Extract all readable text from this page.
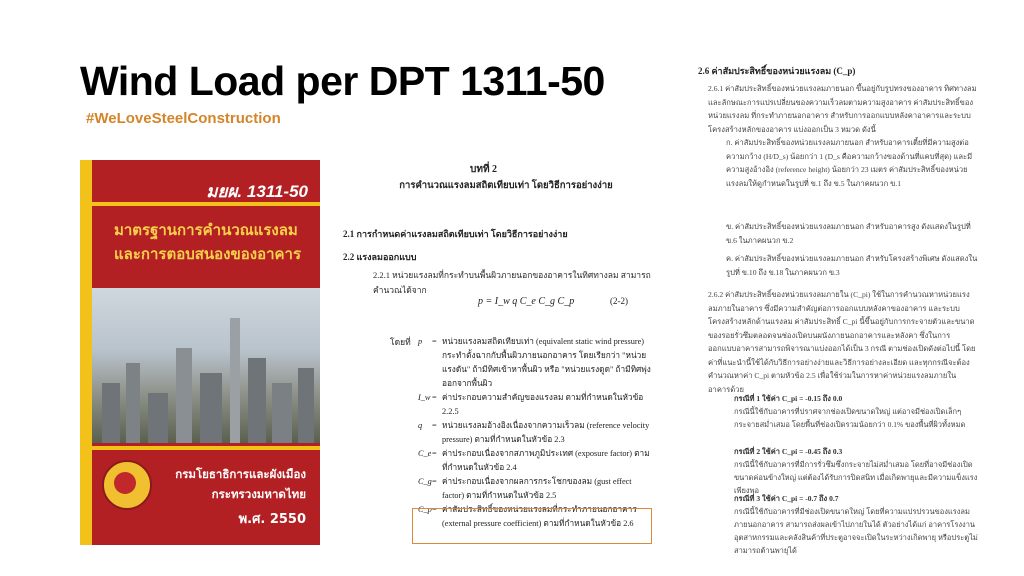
Wind Load per DPT 1311-50
#WeLoveSteelConstruction
มยผ. 1311-50
มาตรฐานการคำนวณแรงลม
และการตอบสนองของอาคาร
กรมโยธาธิการและผังเมือง
กระทรวงมหาดไทย
พ.ศ. 2550
บทที่ 2
การคำนวณแรงลมสถิตเทียบเท่า โดยวิธีการอย่างง่าย
2.1 การกำหนดค่าแรงลมสถิตเทียบเท่า โดยวิธีการอย่างง่าย
2.2 แรงลมออกแบบ
2.2.1 หน่วยแรงลมที่กระทำบนพื้นผิวภายนอกของอาคารในทิศทางลม สามารถคำนวณได้จาก
p = I_w q C_e C_g C_p	(2-2)
โดยที่ p	= หน่วยแรงลมสถิตเทียบเท่า (equivalent static wind pressure) กระทำตั้งฉากกับพื้นผิวภายนอกอาคาร โดยเรียกว่า "หน่วยแรงดัน" ถ้ามีทิศเข้าหาพื้นผิว หรือ "หน่วยแรงดูด" ถ้ามีทิศพุ่งออกจากพื้นผิว
I_w = ค่าประกอบความสำคัญของแรงลม ตามที่กำหนดในหัวข้อ 2.2.5
q	= หน่วยแรงลมอ้างอิงเนื่องจากความเร็วลม (reference velocity pressure) ตามที่กำหนดในหัวข้อ 2.3
C_e = ค่าประกอบเนื่องจากสภาพภูมิประเทศ (exposure factor) ตามที่กำหนดในหัวข้อ 2.4
C_g = ค่าประกอบเนื่องจากผลการกระโชกของลม (gust effect factor) ตามที่กำหนดในหัวข้อ 2.5
C_p = ค่าสัมประสิทธิ์ของหน่วยแรงลมที่กระทำภายนอกอาคาร (external pressure coefficient) ตามที่กำหนดในหัวข้อ 2.6
2.6 ค่าสัมประสิทธิ์ของหน่วยแรงลม (C_p)
2.6.1 ค่าสัมประสิทธิ์ของหน่วยแรงลมภายนอก ขึ้นอยู่กับรูปทรงของอาคาร ทิศทางลม และลักษณะการแปรเปลี่ยนของความเร็วลมตามความสูงอาคาร ค่าสัมประสิทธิ์ของหน่วยแรงลม ที่กระทำภายนอกอาคาร สำหรับการออกแบบหลังคาอาคารและระบบโครงสร้างหลักของอาคาร แบ่งออกเป็น 3 หมวด ดังนี้
ก. ค่าสัมประสิทธิ์ของหน่วยแรงลมภายนอก สำหรับอาคารเตี้ยที่มีความสูงต่อความกว้าง (H/D_s) น้อยกว่า 1 (D_s คือความกว้างของด้านที่แคบที่สุด) และมีความสูงอ้างอิง (reference height) น้อยกว่า 23 เมตร ค่าสัมประสิทธิ์ของหน่วยแรงลมให้ดูกำหนดในรูปที่ ข.1 ถึง ข.5 ในภาคผนวก ข.1
ข. ค่าสัมประสิทธิ์ของหน่วยแรงลมภายนอก สำหรับอาคารสูง ดังแสดงในรูปที่ ข.6 ในภาคผนวก ข.2
ค. ค่าสัมประสิทธิ์ของหน่วยแรงลมภายนอก สำหรับโครงสร้างพิเศษ ดังแสดงในรูปที่ ข.10 ถึง ข.18 ในภาคผนวก ข.3
2.6.2 ค่าสัมประสิทธิ์ของหน่วยแรงลมภายใน (C_pi) ใช้ในการคำนวณหาหน่วยแรงลมภายในอาคาร ซึ่งมีความสำคัญต่อการออกแบบหลังคาของอาคาร และระบบโครงสร้างหลักด้านแรงลม ค่าสัมประสิทธิ์ C_pi นี้ขึ้นอยู่กับการกระจายตัวและขนาดของรอยรั่วซึมตลอดจนช่องเปิดบนผนังภายนอกอาคารและหลังคา ซึ่งในการออกแบบอาคารสามารถพิจารณาแบ่งออกได้เป็น 3 กรณี ตามช่องเปิดดังต่อไปนี้ โดยค่าที่แนะนำนี้ใช้ได้กับวิธีการอย่างง่ายและวิธีการอย่างละเอียด และทุกกรณีจะต้องคำนวณหาค่า C_pi ตามหัวข้อ 2.5 เพื่อใช้ร่วมในการหาค่าหน่วยแรงลมภายในอาคารด้วย
กรณีที่ 1 ใช้ค่า C_pi = -0.15 ถึง 0.0
กรณีนี้ใช้กับอาคารที่ปราศจากช่องเปิดขนาดใหญ่ แต่อาจมีช่องเปิดเล็กๆกระจายสม่ำเสมอ โดยพื้นที่ช่องเปิดรวมน้อยกว่า 0.1% ของพื้นที่ผิวทั้งหมด
กรณีที่ 2 ใช้ค่า C_pi = -0.45 ถึง 0.3
กรณีนี้ใช้กับอาคารที่มีการรั่วซึมซึ่งกระจายไม่สม่ำเสมอ โดยที่อาจมีช่องเปิดขนาดค่อนข้างใหญ่ แต่ต้องได้รับการปิดสนิท เมื่อเกิดพายุและมีความแข็งแรงเพียงพอ
กรณีที่ 3 ใช้ค่า C_pi = -0.7 ถึง 0.7
กรณีนี้ใช้กับอาคารที่มีช่องเปิดขนาดใหญ่ โดยที่ความแปรปรวนของแรงลมภายนอกอาคาร สามารถส่งผลเข้าไปภายในได้ ตัวอย่างได้แก่ อาคารโรงงานอุตสาหกรรมและคลังสินค้าที่ประตูอาจจะเปิดในระหว่างเกิดพายุ หรือประตูไม่สามารถต้านพายุได้
